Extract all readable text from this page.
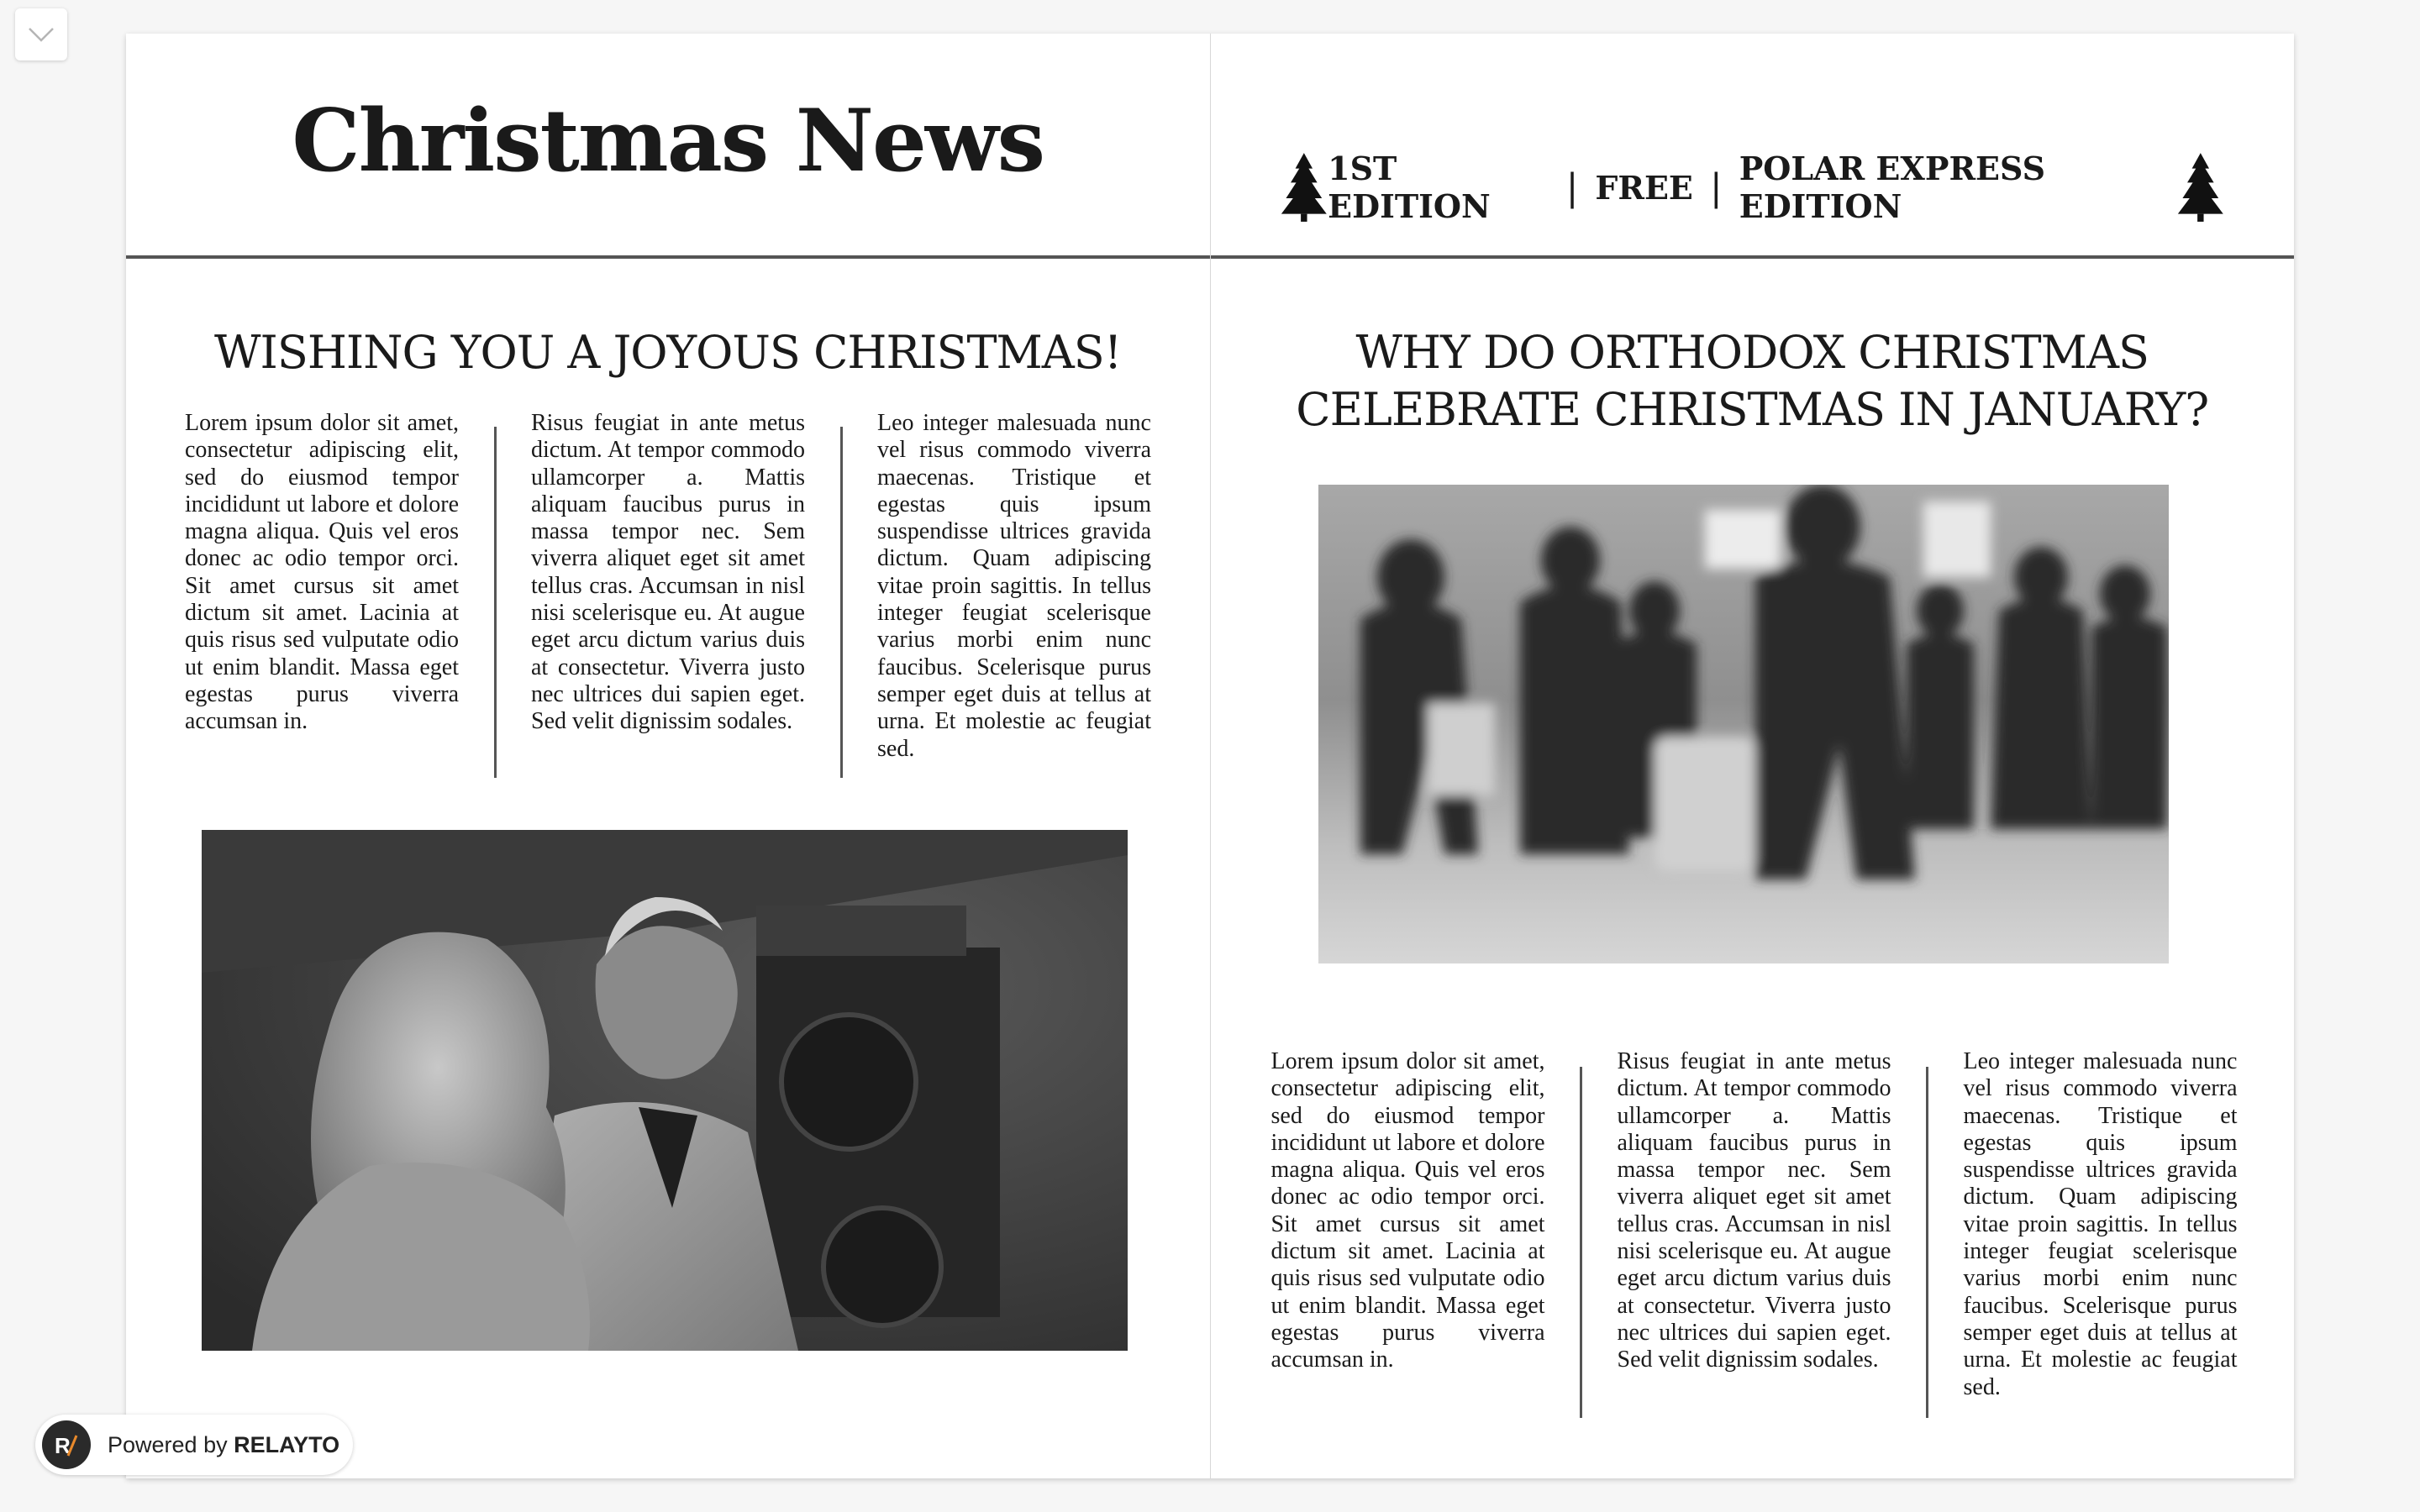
Christmas News
WISHING YOU A JOYOUS CHRISTMAS!

Lorem ipsum dolor sit amet, consectetur adipiscing elit, sed do eiusmod tempor incididunt ut labore et dolore magna aliqua. Quis vel eros donec ac odio tempor orci. Sit amet cursus sit amet dictum sit amet. Lacinia at quis risus sed vulputate odio ut enim blandit. Massa eget egestas purus viverra accumsan in.

Risus feugiat in ante metus dictum. At tempor commodo ullamcorper a. Mattis aliquam faucibus purus in massa tempor nec. Sem viverra aliquet eget sit amet tellus cras. Accumsan in nisl nisi scelerisque eu. At augue eget arcu dictum varius duis at consectetur. Viverra justo nec ultrices dui sapien eget. Sed velit dignissim sodales.

Leo integer malesuada nunc vel risus commodo viverra maecenas. Tristique et egestas quis ipsum suspendisse ultrices gravida dictum. Quam adipiscing vitae proin sagittis. In tellus integer feugiat scelerisque varius morbi enim nunc faucibus. Scelerisque purus semper eget duis at tellus at urna. Et molestie ac feugiat sed.

1ST EDITION	| FREE | POLAR EXPRESS EDITION
WHY DO ORTHODOX CHRISTMAS CELEBRATE CHRISTMAS IN JANUARY?

Lorem ipsum dolor sit amet, consectetur adipiscing elit, sed do eiusmod tempor incididunt ut labore et dolore magna aliqua. Quis vel eros donec ac odio tempor orci. Sit amet cursus sit amet dictum sit amet. Lacinia at quis risus sed vulputate odio ut enim blandit. Massa eget egestas purus viverra accumsan in.

Risus feugiat in ante metus dictum. At tempor commodo ullamcorper a. Mattis aliquam faucibus purus in massa tempor nec. Sem viverra aliquet eget sit amet tellus cras. Accumsan in nisl nisi scelerisque eu. At augue eget arcu dictum varius duis at consectetur. Viverra justo nec ultrices dui sapien eget. Sed velit dignissim sodales.

Leo integer malesuada nunc vel risus commodo viverra maecenas. Tristique et egestas quis ipsum suspendisse ultrices gravida dictum. Quam adipiscing vitae proin sagittis. In tellus integer feugiat scelerisque varius morbi enim nunc faucibus. Scelerisque purus semper eget duis at tellus at urna. Et molestie ac feugiat sed.

R Powered by RELAYTO
